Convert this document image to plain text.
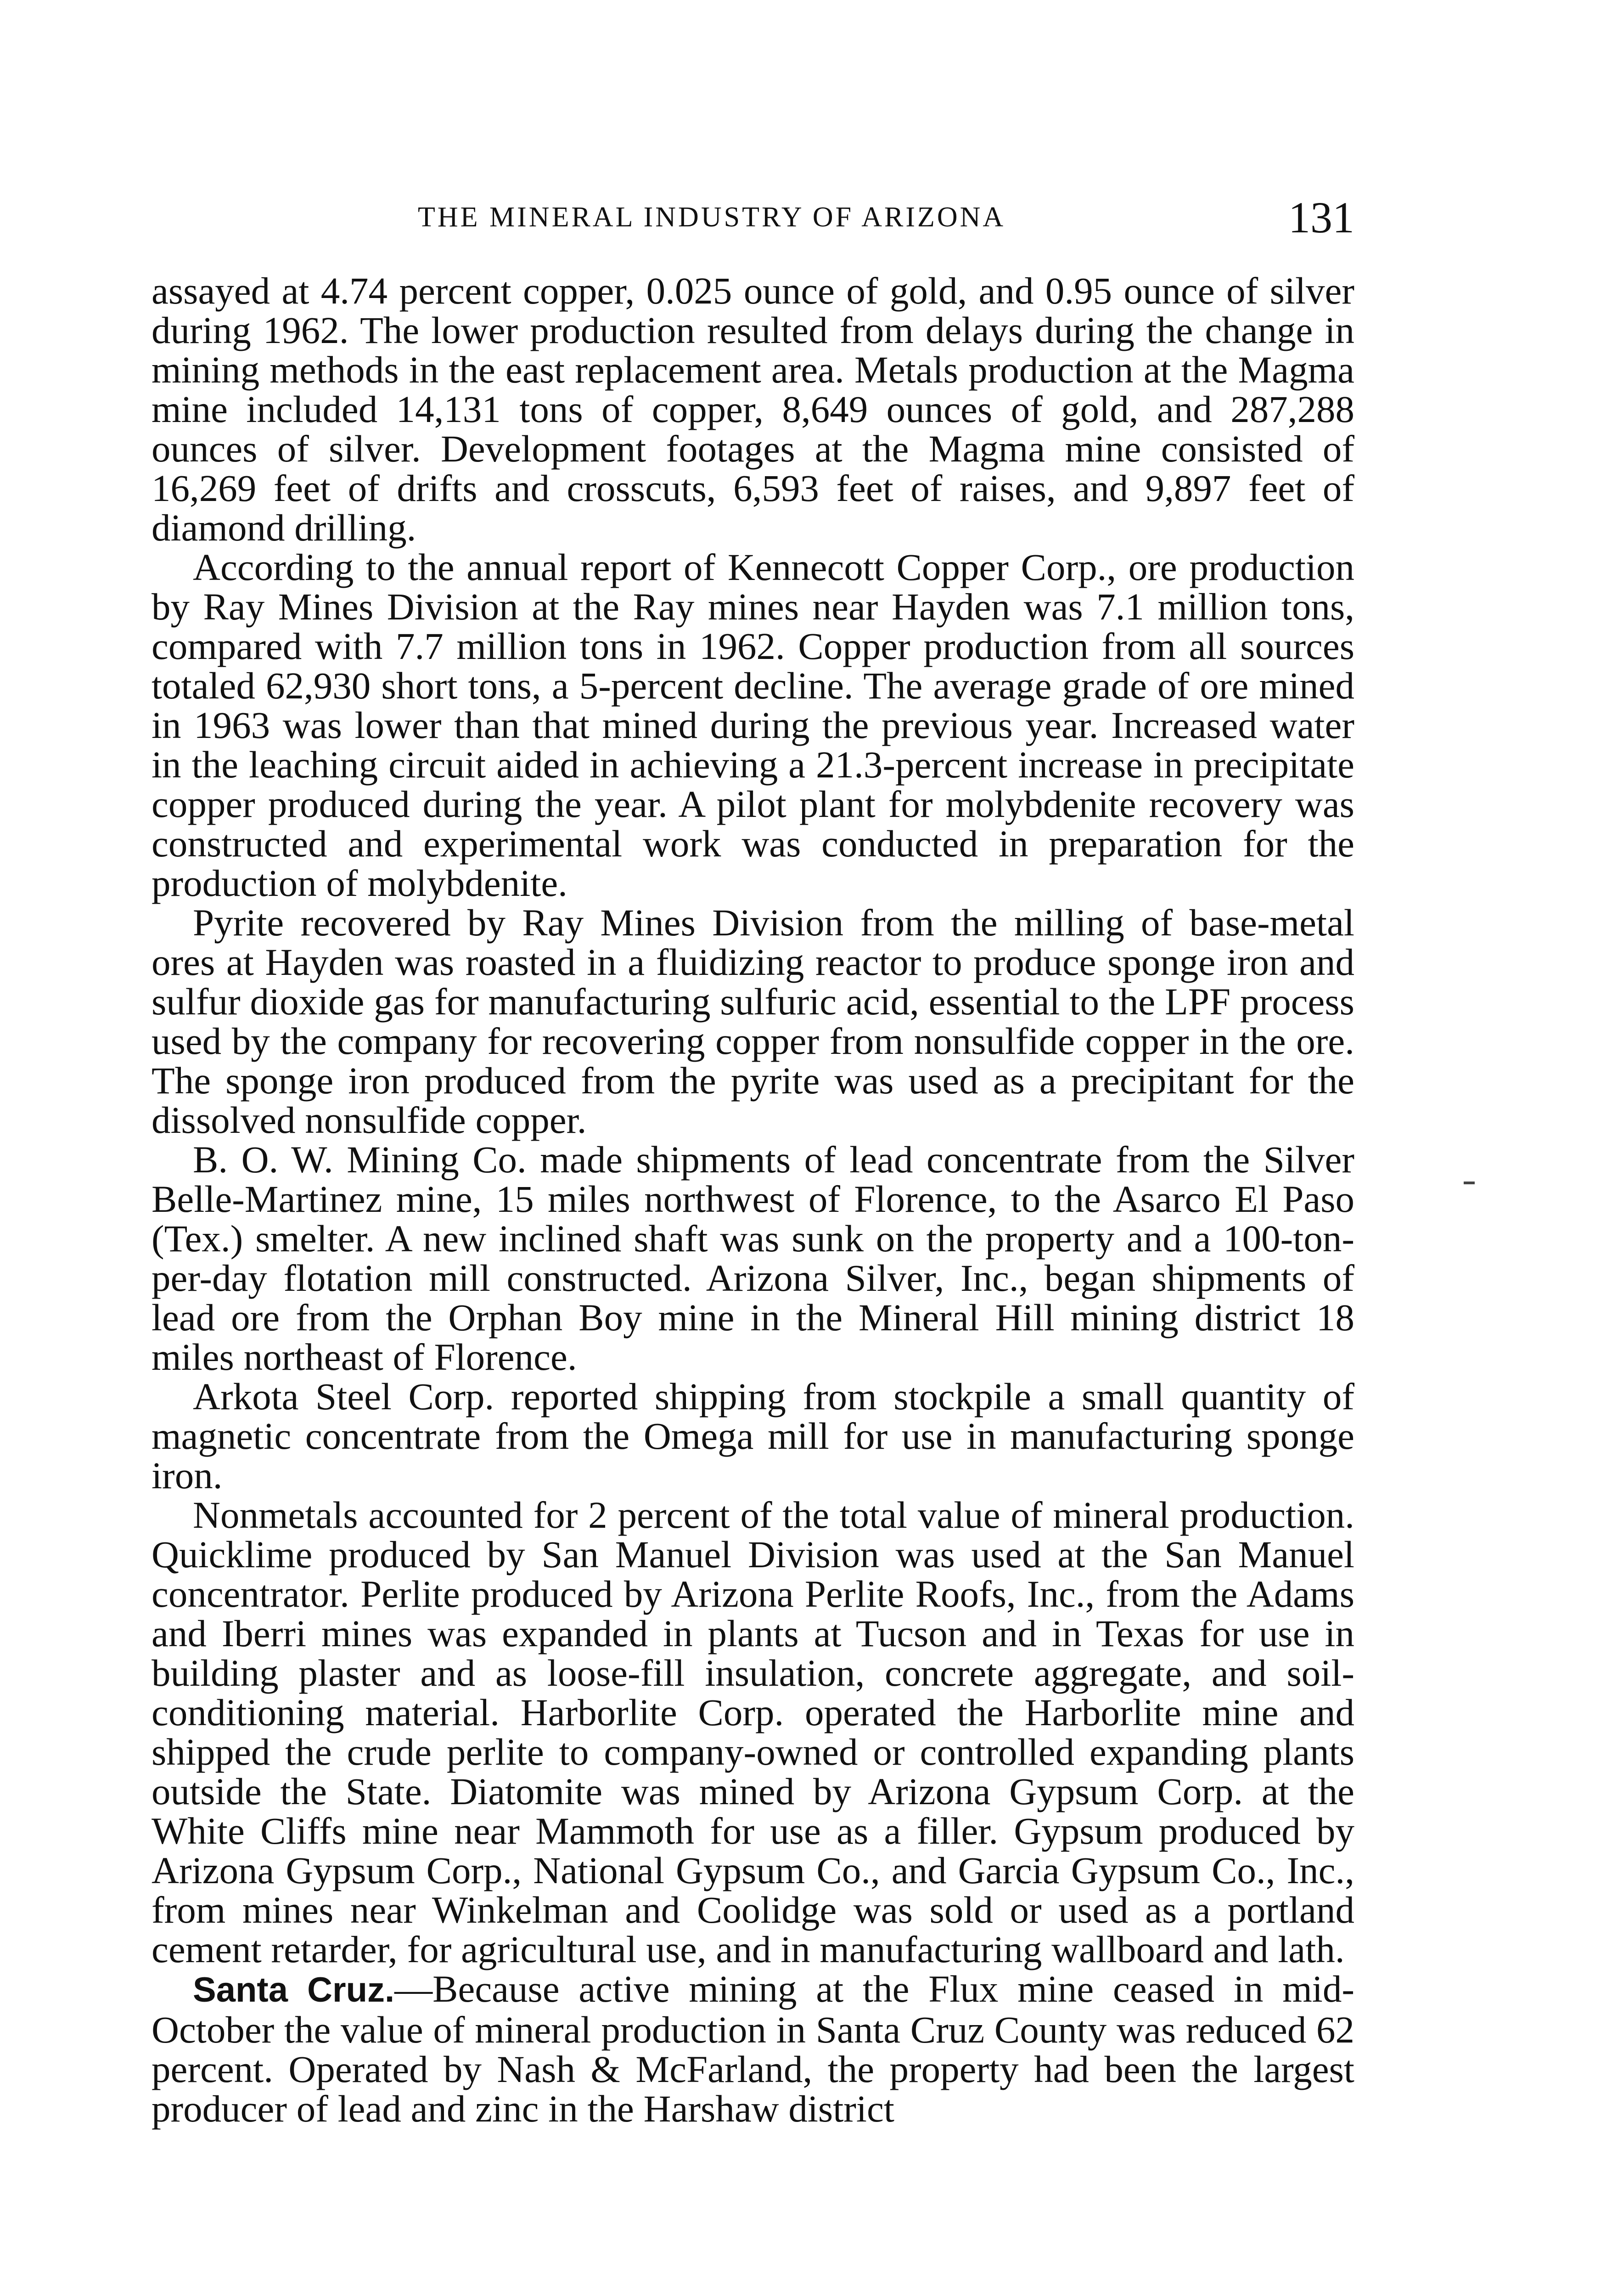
THE MINERAL INDUSTRY OF ARIZONA	131

assayed at 4.74 percent copper, 0.025 ounce of gold, and 0.95 ounce of silver during 1962. The lower production resulted from delays during the change in mining methods in the east replacement area. Metals production at the Magma mine included 14,131 tons of copper, 8,649 ounces of gold, and 287,288 ounces of silver. Development footages at the Magma mine consisted of 16,269 feet of drifts and crosscuts, 6,593 feet of raises, and 9,897 feet of diamond drilling.

According to the annual report of Kennecott Copper Corp., ore production by Ray Mines Division at the Ray mines near Hayden was 7.1 million tons, compared with 7.7 million tons in 1962. Copper production from all sources totaled 62,930 short tons, a 5-percent decline. The average grade of ore mined in 1963 was lower than that mined during the previous year. Increased water in the leaching circuit aided in achieving a 21.3-percent increase in precipitate copper produced during the year. A pilot plant for molybdenite recovery was constructed and experimental work was conducted in preparation for the production of molybdenite.

Pyrite recovered by Ray Mines Division from the milling of base-metal ores at Hayden was roasted in a fluidizing reactor to produce sponge iron and sulfur dioxide gas for manufacturing sulfuric acid, essential to the LPF process used by the company for recovering copper from nonsulfide copper in the ore. The sponge iron produced from the pyrite was used as a precipitant for the dissolved nonsulfide copper.

B. O. W. Mining Co. made shipments of lead concentrate from the Silver Belle-Martinez mine, 15 miles northwest of Florence, to the Asarco El Paso (Tex.) smelter. A new inclined shaft was sunk on the property and a 100-ton-per-day flotation mill constructed. Arizona Silver, Inc., began shipments of lead ore from the Orphan Boy mine in the Mineral Hill mining district 18 miles northeast of Florence.

Arkota Steel Corp. reported shipping from stockpile a small quantity of magnetic concentrate from the Omega mill for use in manufacturing sponge iron.

Nonmetals accounted for 2 percent of the total value of mineral production. Quicklime produced by San Manuel Division was used at the San Manuel concentrator. Perlite produced by Arizona Perlite Roofs, Inc., from the Adams and Iberri mines was expanded in plants at Tucson and in Texas for use in building plaster and as loose-fill insulation, concrete aggregate, and soil-conditioning material. Harborlite Corp. operated the Harborlite mine and shipped the crude perlite to company-owned or controlled expanding plants outside the State. Diatomite was mined by Arizona Gypsum Corp. at the White Cliffs mine near Mammoth for use as a filler. Gypsum produced by Arizona Gypsum Corp., National Gypsum Co., and Garcia Gypsum Co., Inc., from mines near Winkelman and Coolidge was sold or used as a portland cement retarder, for agricultural use, and in manufacturing wallboard and lath.

Santa Cruz.—Because active mining at the Flux mine ceased in mid-October the value of mineral production in Santa Cruz County was reduced 62 percent. Operated by Nash & McFarland, the property had been the largest producer of lead and zinc in the Harshaw district
